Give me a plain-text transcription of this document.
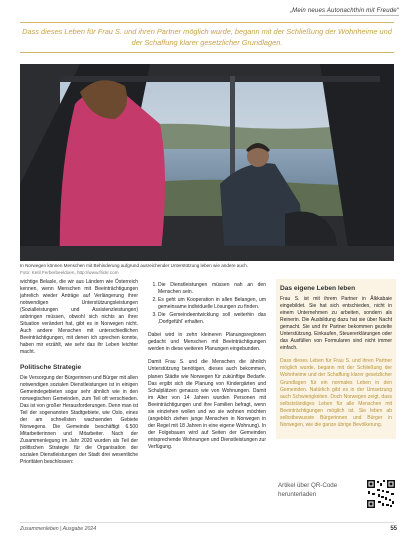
„Mein neues Autonachthin mit Freude“
Dass dieses Leben für Frau S. und ihren Partner möglich wurde, begann mit der Schließung der Wohnheime und der Schaffung klarer gesetzlicher Grundlagen.
In Norwegen können Menschen mit Behinderung aufgrund ausreichender Unterstützung leben wie andere auch.
Foto: Ketil Ferberbeeldoen, http://www.flickr.com

wichtige Belasle, die wir aus Ländern wie Österreich kennen, wenn Menschen mit Beeinträchtigungen jahrelich wieder Anträge auf Verlängerung ihrer notwendigen Unterstützungsleistungen (Sozialleistungen und Assistenzleistungen) anbringen müssen, obwohl sich nichts an ihrer Situation verändert hat, gibt es in Norwegen nicht. Auch andere Menschen mit unterschiedlichen Beeinträchtigungen, mit denen ich sprechen konnte, haben mir erzählt, wie sehr das ihr Leben leichter macht.

Politische Strategie

Die Versorgung der Bürgerinnen und Bürger mit allen notwendigen sozialen Dienstleistungen ist in einigen Gemeindegebieten sogar sehr ähnlich wie in den norwegischen Gemeinden, zum Teil oft verschieden. Das ist von großer Herausforderungen. Denn man ist Teil der sogenannten Stadtgebiete, wie Oslo, eines der am schnellsten wachsenden Gebiete Norwegens. Die Gemeinde beschäftigt 6.500 Mitarbeiterinnen und Mitarbeiter. Nach der Zusammenlegung im Jahr 2020 wurden als Teil der politischen Strategie für die Organisation der sozialen Dienstleistungen der Stadt drei wesentliche Prioritäten beschlossen:

1. Die Dienstleistungen müssen nah an den Menschen sein.
2. Es geht um Kooperation in allen Belangen, um gemeinsame individuelle Lösungen zu finden.
3. Die Gemeindeentwicklung soll weiterhin das ‚Dorfgefühl‘ erhalten.

Dabei wird in zehn kleineren Planungsregionen gedacht und Menschen mit Beeinträchtigungen werden in diese weiteren Planungen eingebunden.

Damit Frau S. und die Menschen die ähnlich Unterstützung benötigen, dieses auch bekommen, planen Städte wie Norwegen für zukünftige Bedarfe. Das ergibt sich die Planung von Kindergärten und Schulplätzen genauso wie von Wohnungen. Damit im Alter von 14 Jahren wurden Personen mit Beeinträchtigungen und ihre Familien befragt, wenn sie einziehen wollen und wo sie wohnen möchten (angeblich ziehen junge Menschen in Norwegen in der Regel mit 18 Jahren in eine eigene Wohnung). In der Folgebauen wird auf Seiten der Gemeinden entsprechende Wohnungen und Dienstleistungen zur Verfügung.

Das eigene Leben leben

Frau S. ist mit ihrem Partner in Ålkkabaie eingebildet. Sie hat sich entschieden, nicht in einem Unternehmen zu arbeiten, sondern als Reinerin. Die Ausbildung dazu hat sie über Nacht gemacht. Sie und ihr Partner bekommen gezielte Unterstützung. Einkaufen, Steuererklärungen oder das Ausfüllen von Formularen sind nicht immer einfach.

Dass dieses Leben für Frau S. und ihren Partner möglich wurde, begann mit der Schließung der Wohnheime und der Schaffung klarer gesetzlicher Grundlagen für ein normales Leben in den Gemeinden. Natürlich gibt es in der Umsetzung auch Schwierigkeiten. Doch Norwegen zeigt, dass selbstständiges Leben für alle Menschen mit Beeinträchtigungen möglich ist. Sie leben ab selbstbewusste Bürgerinnen und Bürger in Norwegen, wie die ganze übrige Bevölkerung.

Artikel über QR-Code herunterladen
Zusammenleben | Ausgabe 2024	55
